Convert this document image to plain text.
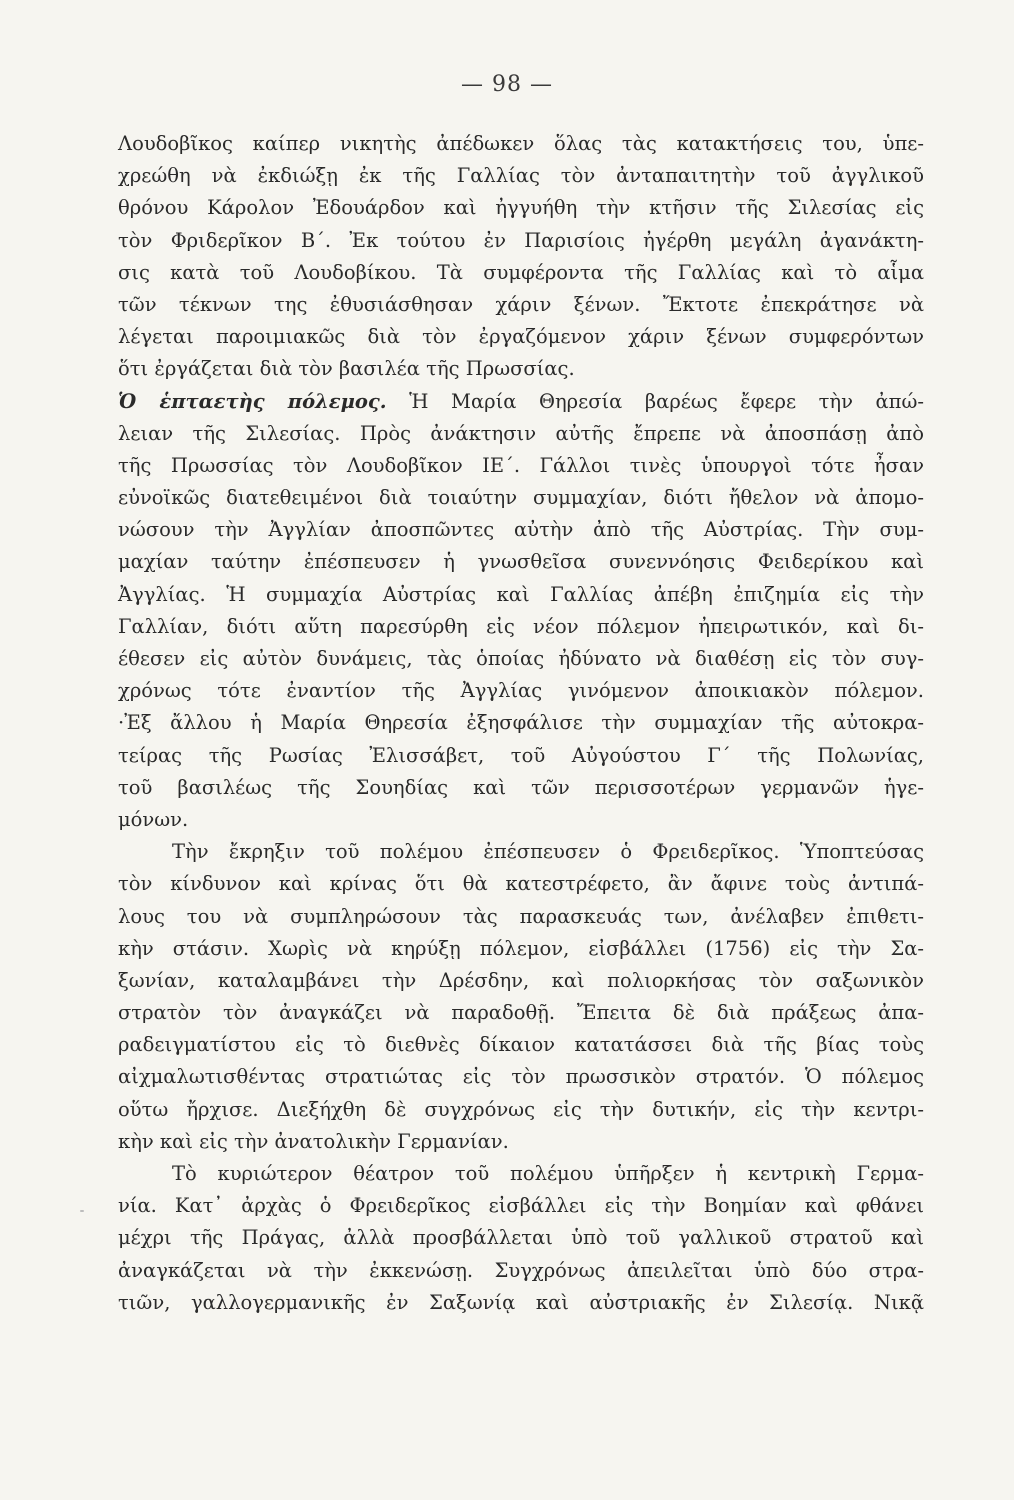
— 98 —
Λουδοβῖκος καίπερ νικητὴς ἀπέδωκεν ὅλας τὰς κατακτήσεις του, ὑπε-
χρεώθη νὰ ἐκδιώξῃ ἐκ τῆς Γαλλίας τὸν ἀνταπαιτητὴν τοῦ ἀγγλικοῦ
θρόνου Κάρολον Ἐδουάρδον καὶ ἠγγυήθη τὴν κτῆσιν τῆς Σιλεσίας εἰς
τὸν Φριδερῖκον Β΄. Ἐκ τούτου ἐν Παρισίοις ἠγέρθη μεγάλη ἀγανάκτη-
σις κατὰ τοῦ Λουδοβίκου. Τὰ συμφέροντα τῆς Γαλλίας καὶ τὸ αἷμα
τῶν τέκνων της ἐθυσιάσθησαν χάριν ξένων. Ἔκτοτε ἐπεκράτησε νὰ
λέγεται παροιμιακῶς διὰ τὸν ἐργαζόμενον χάριν ξένων συμφερόντων
ὅτι ἐργάζεται διὰ τὸν βασιλέα τῆς Πρωσσίας.
Ὁ ἑπταετὴς πόλεμος. Ἡ Μαρία Θηρεσία βαρέως ἔφερε τὴν ἀπώ-
λειαν τῆς Σιλεσίας. Πρὸς ἀνάκτησιν αὐτῆς ἔπρεπε νὰ ἀποσπάσῃ ἀπὸ
τῆς Πρωσσίας τὸν Λουδοβῖκον ΙΕ΄. Γάλλοι τινὲς ὑπουργοὶ τότε ἦσαν
εὐνοϊκῶς διατεθειμένοι διὰ τοιαύτην συμμαχίαν, διότι ἤθελον νὰ ἀπομο-
νώσουν τὴν Ἀγγλίαν ἀποσπῶντες αὐτὴν ἀπὸ τῆς Αὐστρίας. Τὴν συμ-
μαχίαν ταύτην ἐπέσπευσεν ἡ γνωσθεῖσα συνεννόησις Φειδερίκου καὶ
Ἀγγλίας. Ἡ συμμαχία Αὐστρίας καὶ Γαλλίας ἀπέβη ἐπιζημία εἰς τὴν
Γαλλίαν, διότι αὕτη παρεσύρθη εἰς νέον πόλεμον ἠπειρωτικόν, καὶ δι-
έθεσεν εἰς αὐτὸν δυνάμεις, τὰς ὁποίας ἠδύνατο νὰ διαθέσῃ εἰς τὸν συγ-
χρόνως τότε ἐναντίον τῆς Ἀγγλίας γινόμενον ἀποικιακὸν πόλεμον.
·Ἐξ ἄλλου ἡ Μαρία Θηρεσία ἐξησφάλισε τὴν συμμαχίαν τῆς αὐτοκρα-
τείρας τῆς Ρωσίας Ἐλισσάβετ, τοῦ Αὐγούστου Γ΄ τῆς Πολωνίας,
τοῦ βασιλέως τῆς Σουηδίας καὶ τῶν περισσοτέρων γερμανῶν ἡγε-
μόνων.
Τὴν ἔκρηξιν τοῦ πολέμου ἐπέσπευσεν ὁ Φρειδερῖκος. Ὑποπτεύσας
τὸν κίνδυνον καὶ κρίνας ὅτι θὰ κατεστρέφετο, ἂν ἄφινε τοὺς ἀντιπά-
λους του νὰ συμπληρώσουν τὰς παρασκευάς των, ἀνέλαβεν ἐπιθετι-
κὴν στάσιν. Χωρὶς νὰ κηρύξῃ πόλεμον, εἰσβάλλει (1756) εἰς τὴν Σα-
ξωνίαν, καταλαμβάνει τὴν Δρέσδην, καὶ πολιορκήσας τὸν σαξωνικὸν
στρατὸν τὸν ἀναγκάζει νὰ παραδοθῇ. Ἔπειτα δὲ διὰ πράξεως ἀπα-
ραδειγματίστου εἰς τὸ διεθνὲς δίκαιον κατατάσσει διὰ τῆς βίας τοὺς
αἰχμαλωτισθέντας στρατιώτας εἰς τὸν πρωσσικὸν στρατόν. Ὁ πόλεμος
οὕτω ἤρχισε. Διεξήχθη δὲ συγχρόνως εἰς τὴν δυτικήν, εἰς τὴν κεντρι-
κὴν καὶ εἰς τὴν ἀνατολικὴν Γερμανίαν.
Τὸ κυριώτερον θέατρον τοῦ πολέμου ὑπῆρξεν ἡ κεντρικὴ Γερμα-
νία. Κατ᾽ ἀρχὰς ὁ Φρειδερῖκος εἰσβάλλει εἰς τὴν Βοημίαν καὶ φθάνει
μέχρι τῆς Πράγας, ἀλλὰ προσβάλλεται ὑπὸ τοῦ γαλλικοῦ στρατοῦ καὶ
ἀναγκάζεται νὰ τὴν ἐκκενώσῃ. Συγχρόνως ἀπειλεῖται ὑπὸ δύο στρα-
τιῶν, γαλλογερμανικῆς ἐν Σαξωνίᾳ καὶ αὐστριακῆς ἐν Σιλεσίᾳ. Νικᾷ
